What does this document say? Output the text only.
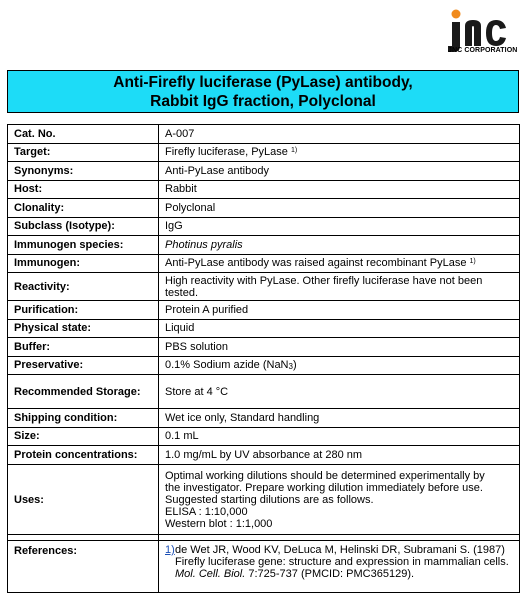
JNC CORPORATION
Anti-Firefly luciferase (PyLase) antibody,
Rabbit IgG fraction, Polyclonal
Cat. No.	A-007
Target:	Firefly luciferase, PyLase $^{1)}$
Synonyms:	Anti-PyLase antibody
Host:	Rabbit
Clonality:	Polyclonal
Subclass (Isotype):	IgG
Immunogen species:	Photinus pyralis
Immunogen:	Anti-PyLase antibody was raised against recombinant PyLase $^{1)}$
Reactivity:	High reactivity with PyLase. Other firefly luciferase have not been tested.
Purification:	Protein A purified
Physical state:	Liquid
Buffer:	PBS solution
Preservative:	0.1% Sodium azide (NaN$_3$)
Recommended Storage:	Store at 4 °C
Shipping condition:	Wet ice only, Standard handling
Size:	0.1 mL
Protein concentrations:	1.0 mg/mL by UV absorbance at 280 nm
Uses:	Optimal working dilutions should be determined experimentally by
the investigator. Prepare working dilution immediately before use.
Suggested starting dilutions are as follows.
ELISA : 1:10,000
Western blot : 1:1,000

References:	1) de Wet JR, Wood KV, DeLuca M, Helinski DR, Subramani S. (1987)
Firefly luciferase gene: structure and expression in mammalian cells.
Mol. Cell. Biol. 7:725-737 (PMCID: PMC365129).
